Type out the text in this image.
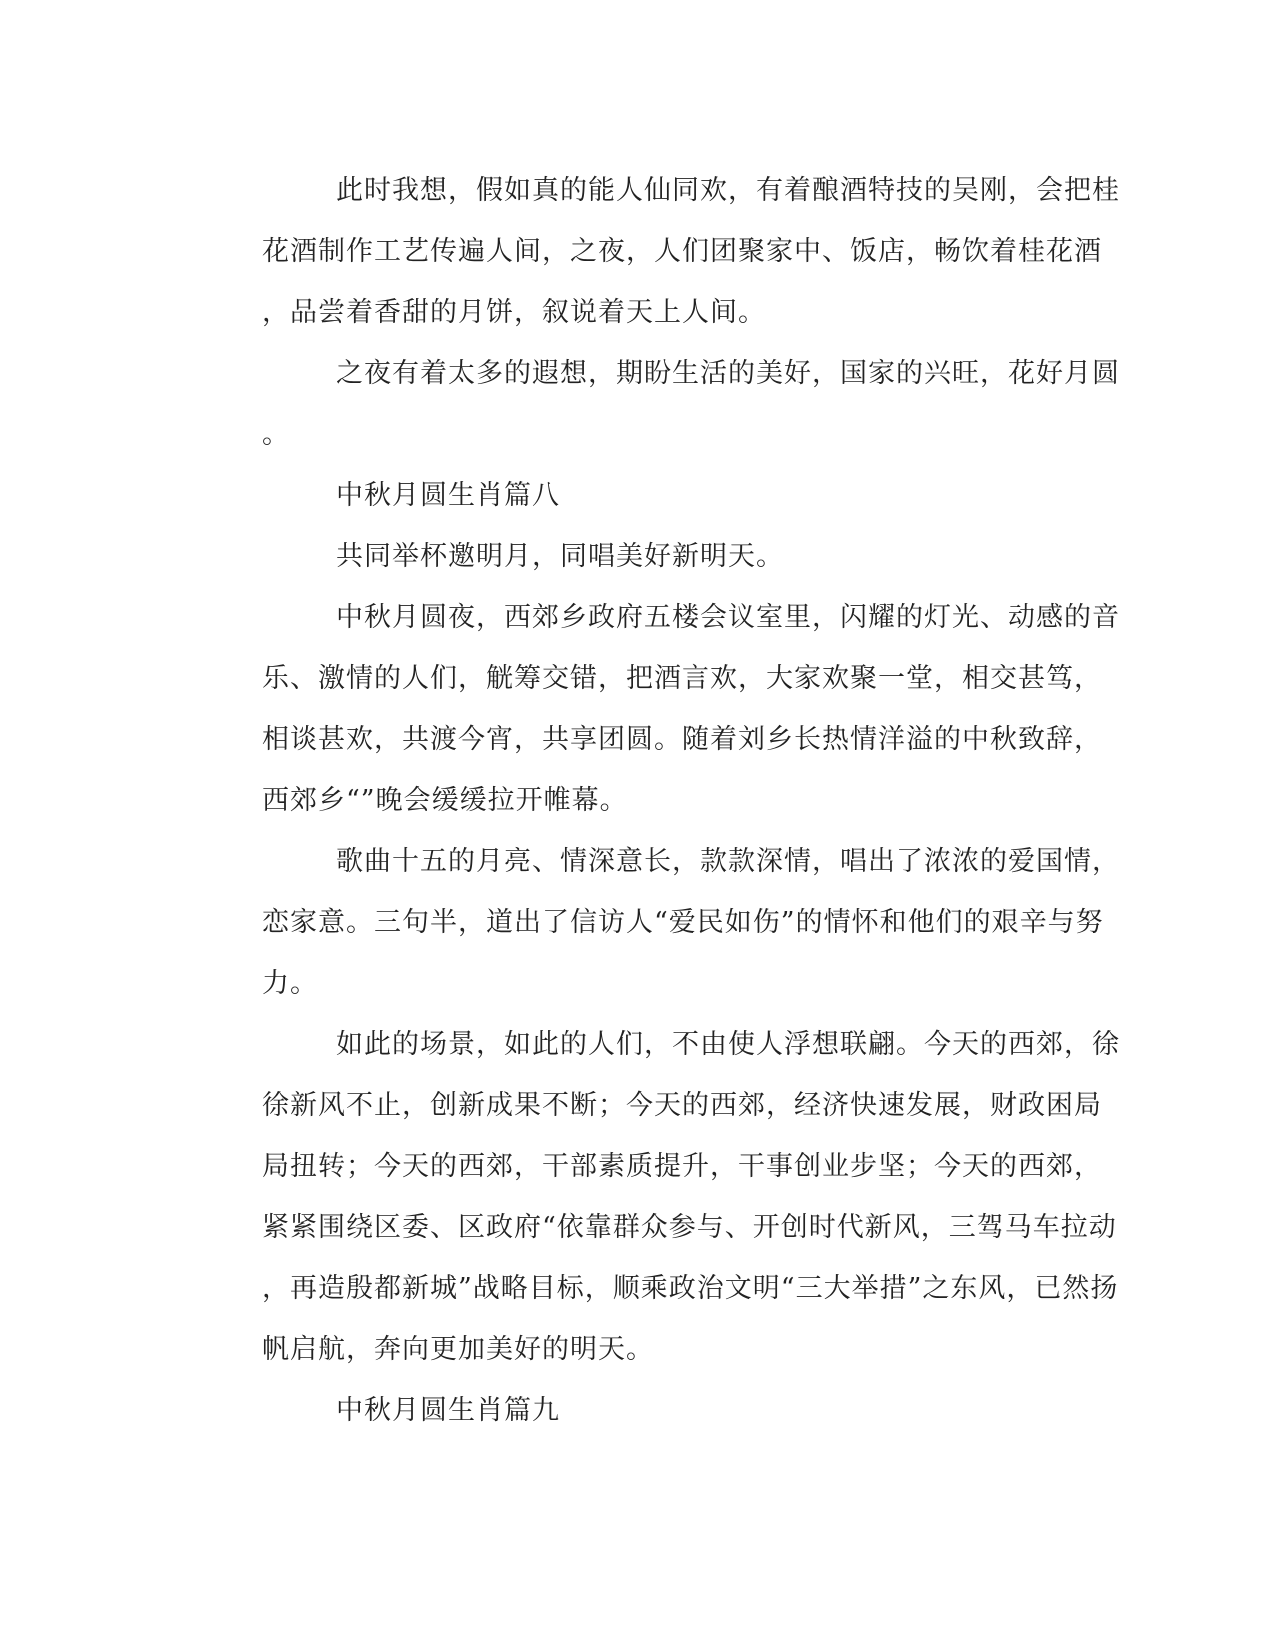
此时我想，假如真的能人仙同欢，有着酿酒特技的吴刚，会把桂
花酒制作工艺传遍人间，之夜，人们团聚家中、饭店，畅饮着桂花酒
，品尝着香甜的月饼，叙说着天上人间。
之夜有着太多的遐想，期盼生活的美好，国家的兴旺，花好月圆
。
中秋月圆生肖篇八
共同举杯邀明月，同唱美好新明天。
中秋月圆夜，西郊乡政府五楼会议室里，闪耀的灯光、动感的音
乐、激情的人们，觥筹交错，把酒言欢，大家欢聚一堂，相交甚笃，
相谈甚欢，共渡今宵，共享团圆。随着刘乡长热情洋溢的中秋致辞，
西郊乡“”晚会缓缓拉开帷幕。
歌曲十五的月亮、情深意长，款款深情，唱出了浓浓的爱国情，
恋家意。三句半，道出了信访人“爱民如伤”的情怀和他们的艰辛与努
力。
如此的场景，如此的人们，不由使人浮想联翩。今天的西郊，徐
徐新风不止，创新成果不断；今天的西郊，经济快速发展，财政困局
局扭转；今天的西郊，干部素质提升，干事创业步坚；今天的西郊，
紧紧围绕区委、区政府“依靠群众参与、开创时代新风，三驾马车拉动
，再造殷都新城”战略目标，顺乘政治文明“三大举措”之东风，已然扬
帆启航，奔向更加美好的明天。
中秋月圆生肖篇九
